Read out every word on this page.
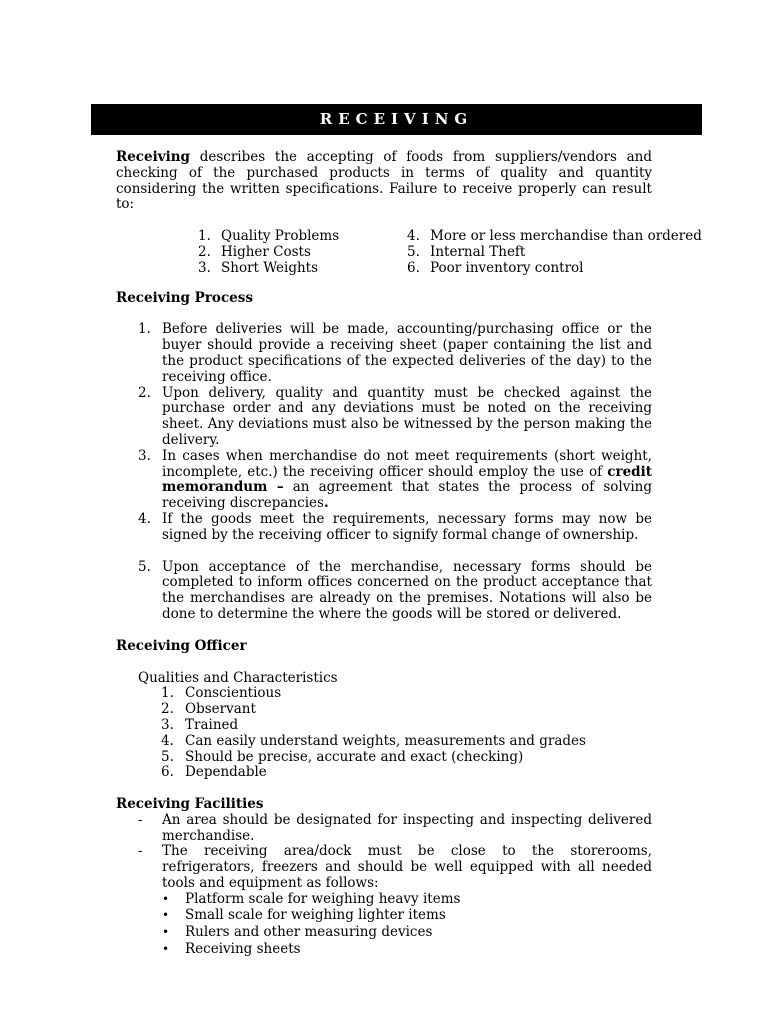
RECEIVING

Receiving describes the accepting of foods from suppliers/vendors and checking of the purchased products in terms of quality and quantity considering the written specifications. Failure to receive properly can result to:

1. Quality Problems	4. More or less merchandise than ordered
2. Higher Costs	5. Internal Theft
3. Short Weights	6. Poor inventory control
Receiving Process
1. Before deliveries will be made, accounting/purchasing office or the buyer should provide a receiving sheet (paper containing the list and the product specifications of the expected deliveries of the day) to the receiving office.
2. Upon delivery, quality and quantity must be checked against the purchase order and any deviations must be noted on the receiving sheet. Any deviations must also be witnessed by the person making the delivery.
3. In cases when merchandise do not meet requirements (short weight, incomplete, etc.) the receiving officer should employ the use of credit memorandum – an agreement that states the process of solving receiving discrepancies.
4. If the goods meet the requirements, necessary forms may now be signed by the receiving officer to signify formal change of ownership.
5. Upon acceptance of the merchandise, necessary forms should be completed to inform offices concerned on the product acceptance that the merchandises are already on the premises. Notations will also be done to determine the where the goods will be stored or delivered.
Receiving Officer
Qualities and Characteristics
1. Conscientious
2. Observant
3. Trained
4. Can easily understand weights, measurements and grades
5. Should be precise, accurate and exact (checking)
6. Dependable
Receiving Facilities
-	An area should be designated for inspecting and inspecting delivered merchandise.
-	The receiving area/dock must be close to the storerooms, refrigerators, freezers and should be well equipped with all needed tools and equipment as follows:
•	Platform scale for weighing heavy items
•	Small scale for weighing lighter items
•	Rulers and other measuring devices
•	Receiving sheets
